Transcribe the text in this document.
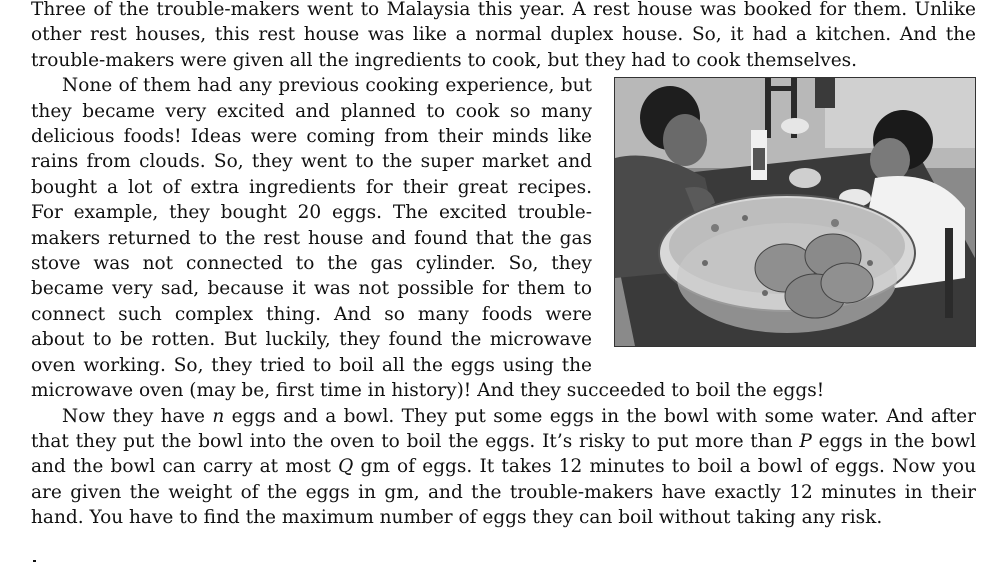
Three of the trouble-makers went to Malaysia this year. A rest house was booked for them. Unlike other rest houses, this rest house was like a normal duplex house. So, it had a kitchen. And the trouble-makers were given all the ingredients to cook, but they had to cook themselves.

None of them had any previous cooking experience, but they became very excited and planned to cook so many delicious foods! Ideas were coming from their minds like rains from clouds. So, they went to the super market and bought a lot of extra ingredients for their great recipes. For example, they bought 20 eggs. The excited trouble-makers returned to the rest house and found that the gas stove was not connected to the gas cylinder. So, they became very sad, because it was not possible for them to connect such complex thing. And so many foods were about to be rotten. But luckily, they found the microwave oven working. So, they tried to boil all the eggs using the microwave oven (may be, first time in history)! And they succeeded to boil the eggs!

Now they have n eggs and a bowl. They put some eggs in the bowl with some water. And after that they put the bowl into the oven to boil the eggs. It’s risky to put more than P eggs in the bowl and the bowl can carry at most Q gm of eggs. It takes 12 minutes to boil a bowl of eggs. Now you are given the weight of the eggs in gm, and the trouble-makers have exactly 12 minutes in their hand. You have to find the maximum number of eggs they can boil without taking any risk.
